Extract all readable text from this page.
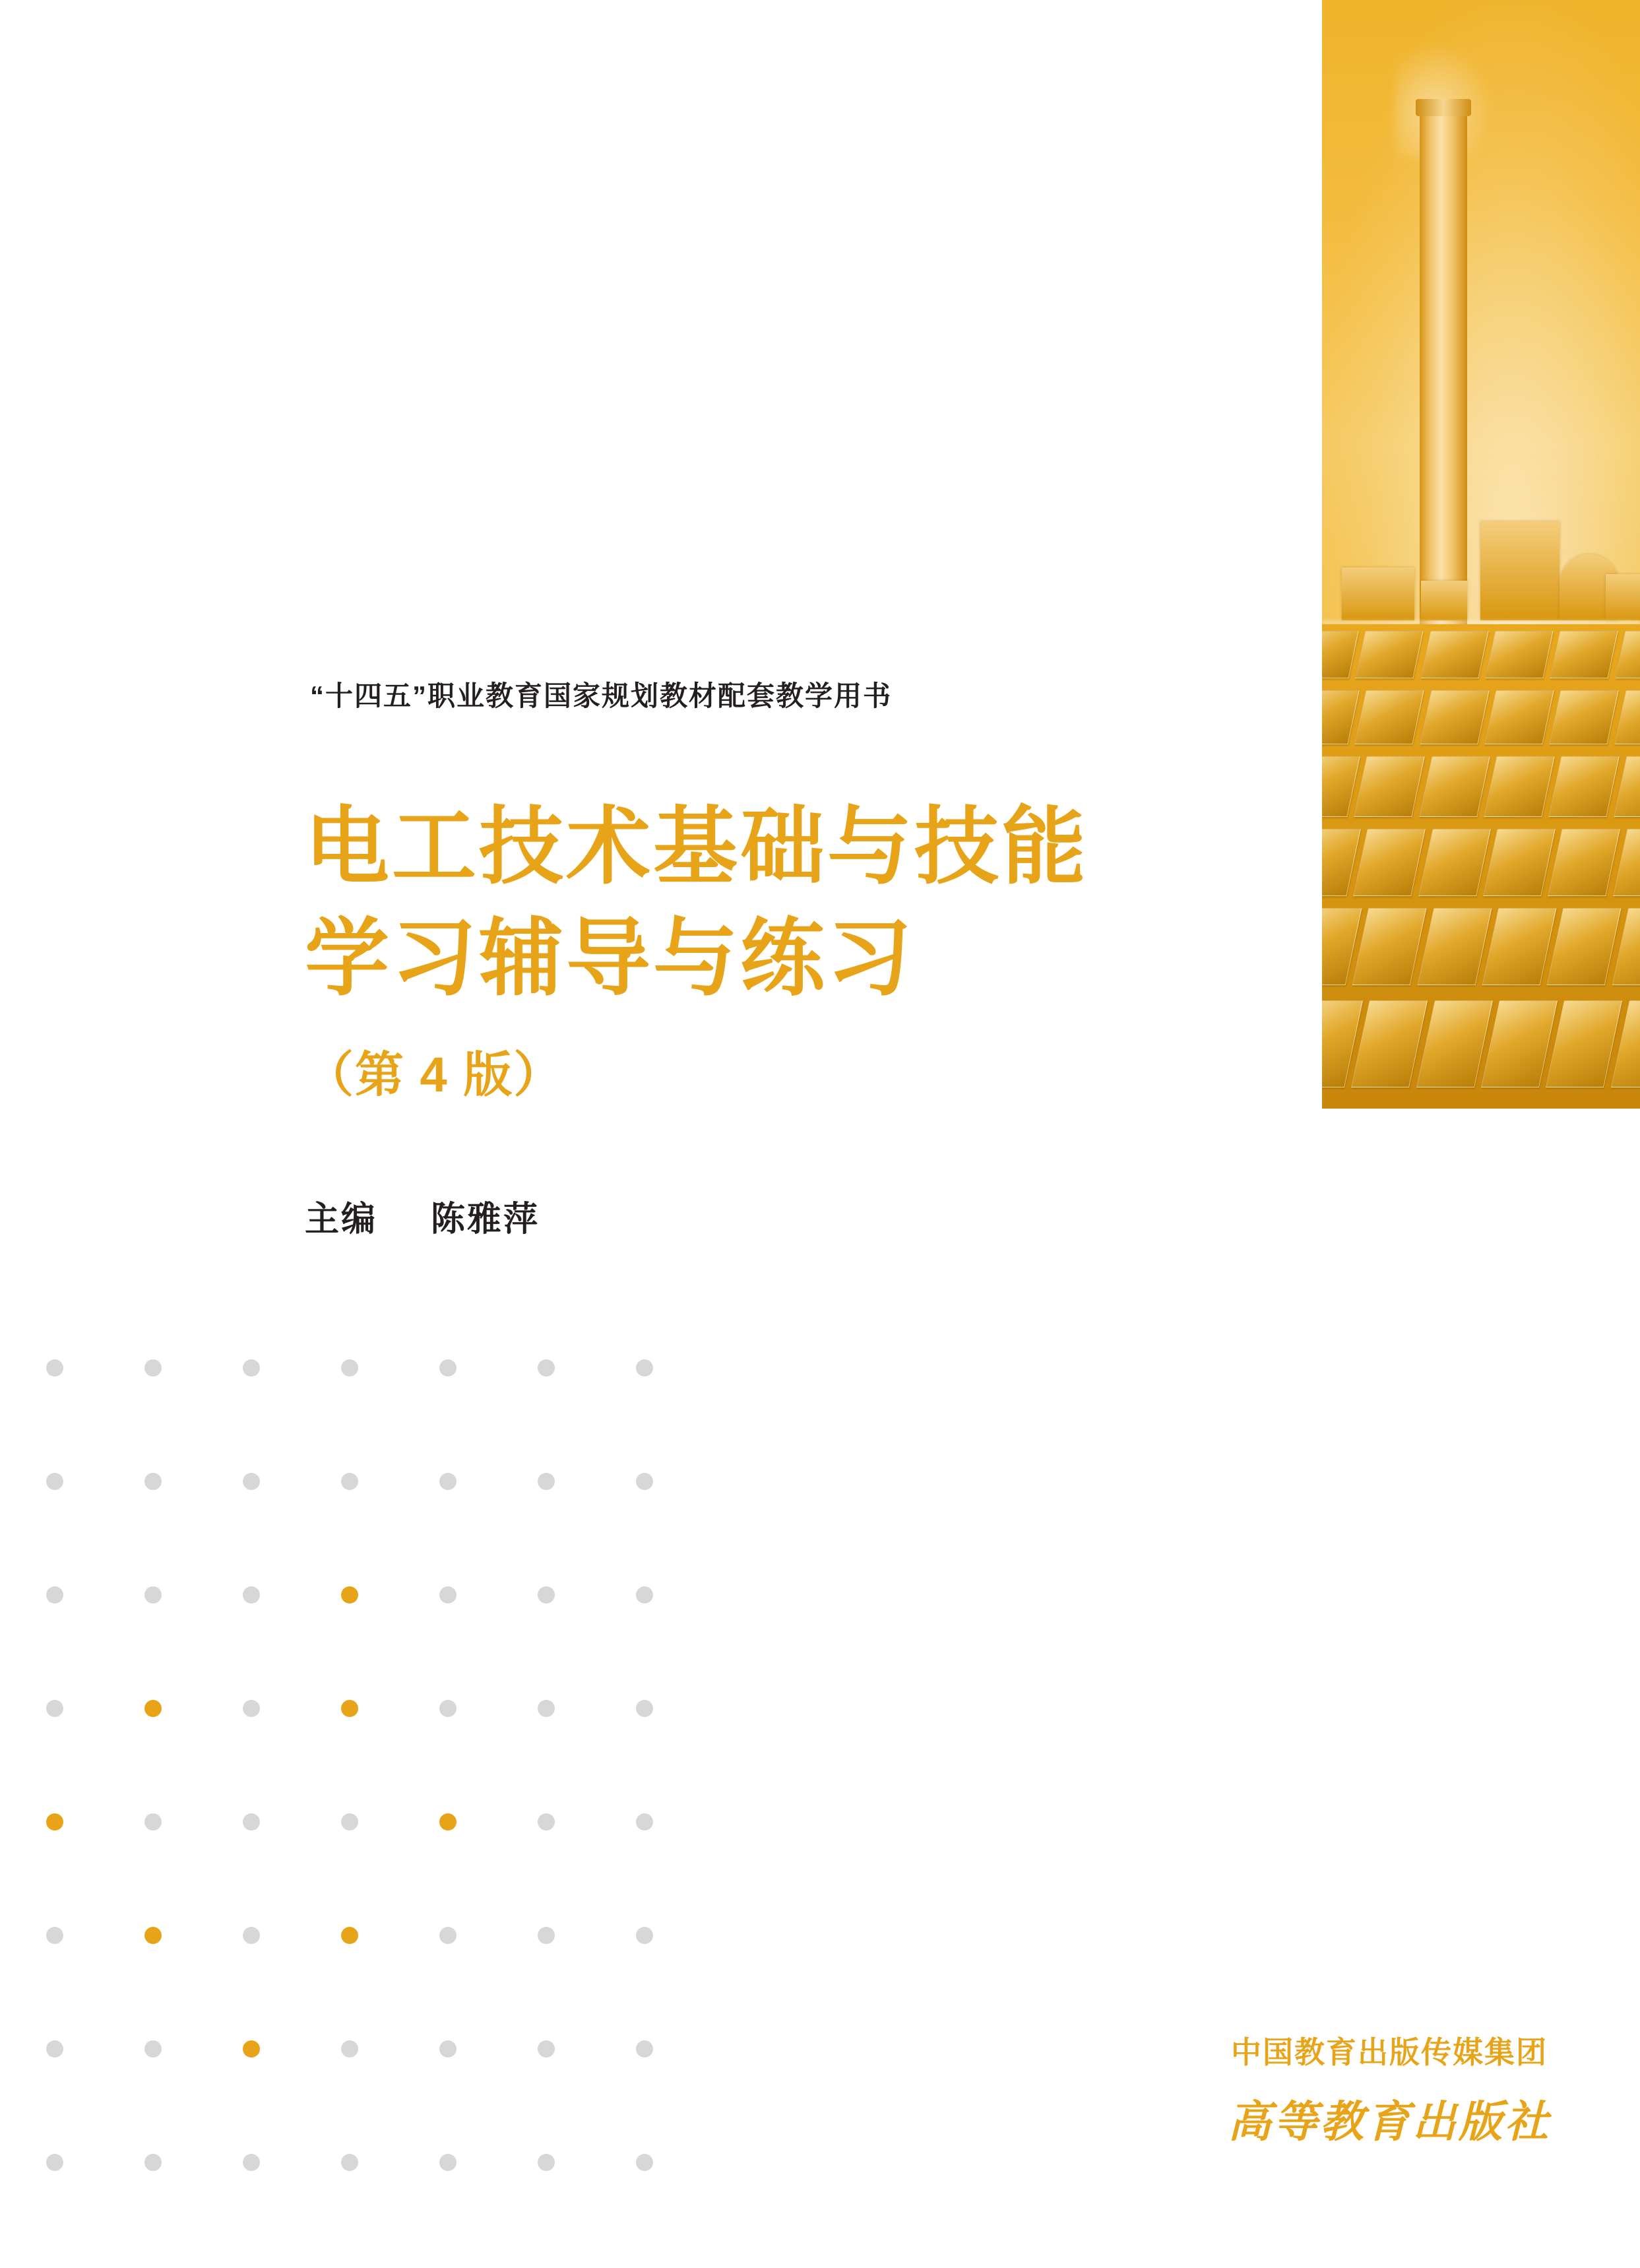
“十四五”职业教育国家规划教材配套教学用书
电工技术基础与技能
学习辅导与练习
（第 4 版）
主编 陈雅萍
中国教育出版传媒集团
高等教育出版社
